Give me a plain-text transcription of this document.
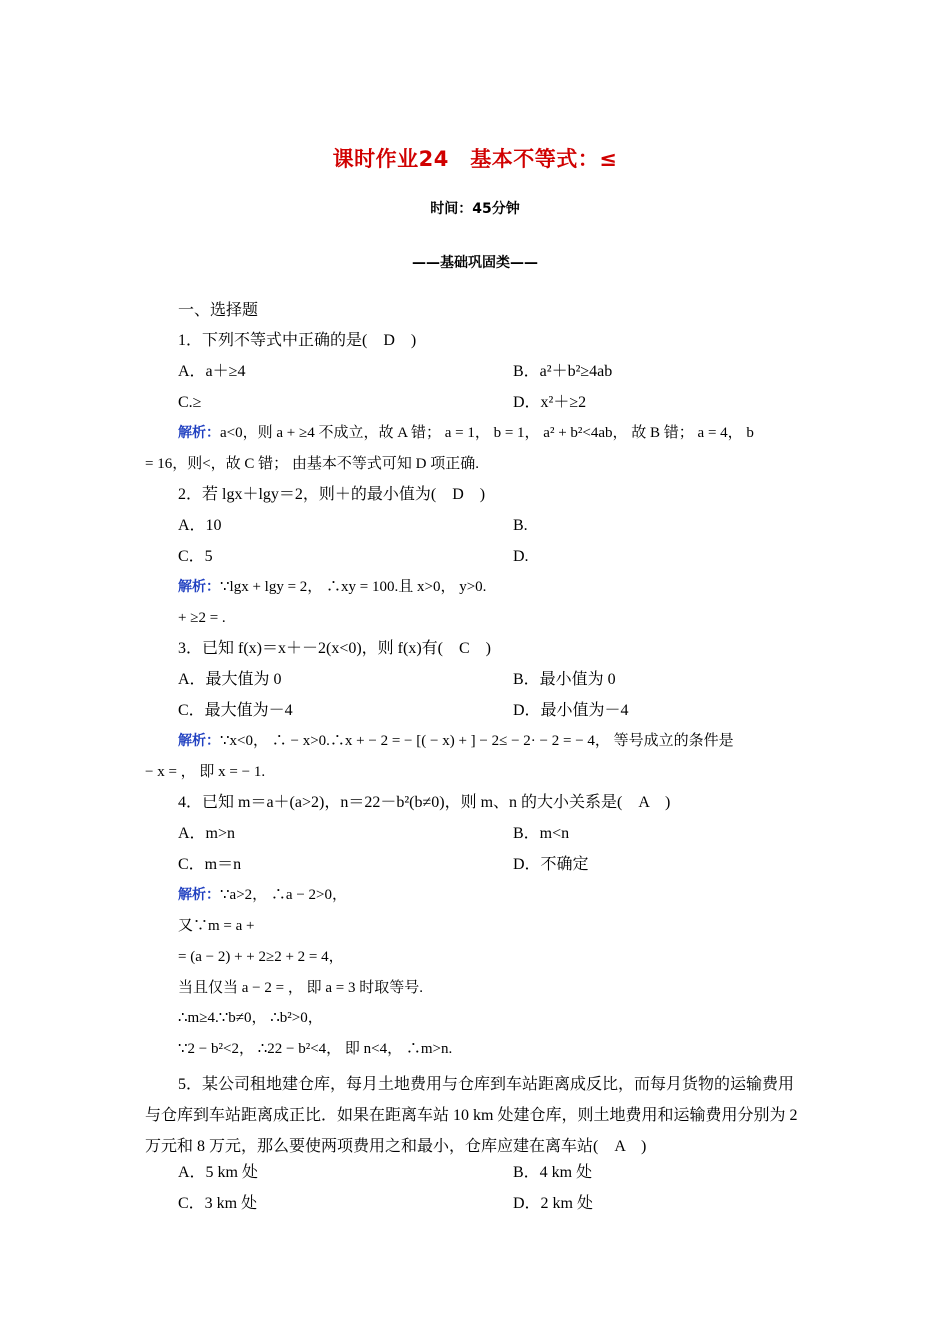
课时作业24　基本不等式：≤
时间：45分钟
——基础巩固类——
一、选择题
1．下列不等式中正确的是(　D　)
A．a＋≥4	B．a²＋b²≥4ab
C.≥	D．x²＋≥2
解析：a<0，则 a + ≥4 不成立，故 A 错； a = 1， b = 1， a² + b²<4ab， 故 B 错； a = 4， b
= 16，则<，故 C 错； 由基本不等式可知 D 项正确.
2．若 lgx＋lgy＝2，则＋的最小值为(　D　)
A．10	B.
C．5	D.
解析：∵lgx + lgy = 2， ∴xy = 100.且 x>0， y>0.
+ ≥2 = .
3．已知 f(x)＝x＋－2(x<0)，则 f(x)有(　C　)
A．最大值为 0	B．最小值为 0
C．最大值为－4	D．最小值为－4
解析：∵x<0， ∴ − x>0.∴x + − 2 = − [( − x) + ] − 2≤ − 2· − 2 = − 4， 等号成立的条件是
− x = ， 即 x = − 1.
4．已知 m＝a＋(a>2)，n＝22－b²(b≠0)，则 m、n 的大小关系是(　A　)
A．m>n	B．m<n
C．m＝n	D．不确定
解析：∵a>2， ∴a − 2>0，
又∵m = a +
= (a − 2) + + 2≥2 + 2 = 4，
当且仅当 a − 2 = ， 即 a = 3 时取等号.
∴m≥4.∵b≠0， ∴b²>0，
∵2 − b²<2， ∴22 − b²<4， 即 n<4， ∴m>n.
5．某公司租地建仓库，每月土地费用与仓库到车站距离成反比，而每月货物的运输费用与仓库到车站距离成正比．如果在距离车站 10 km 处建仓库，则土地费用和运输费用分别为 2 万元和 8 万元，那么要使两项费用之和最小，仓库应建在离车站(　A　)
A．5 km 处	B．4 km 处
C．3 km 处	D．2 km 处
